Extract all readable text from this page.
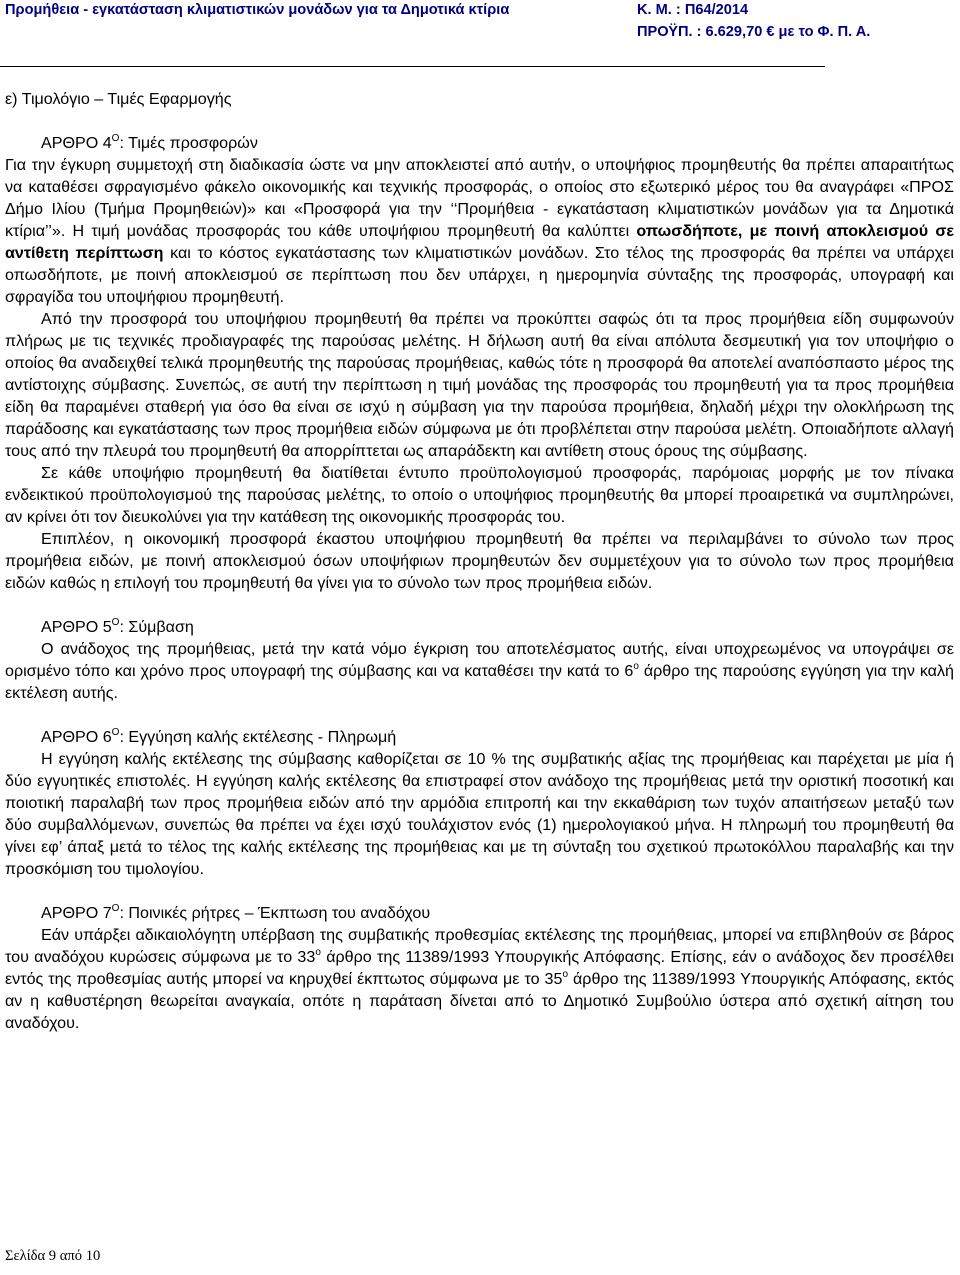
Προμήθεια - εγκατάσταση κλιματιστικών μονάδων για τα Δημοτικά κτίρια	Κ. Μ. : Π64/2014
ΠΡΟΫΠ. : 6.629,70 € με το Φ. Π. Α.

ε) Τιμολόγιο – Τιμές Εφαρμογής

ΑΡΘΡΟ $4^O$: Τιμές προσφορών

Για την έγκυρη συμμετοχή στη διαδικασία ώστε να μην αποκλειστεί από αυτήν, ο υποψήφιος προμηθευτής θα πρέπει απαραιτήτως να καταθέσει σφραγισμένο φάκελο οικονομικής και τεχνικής προσφοράς, ο οποίος στο εξωτερικό μέρος του θα αναγράφει «ΠΡΟΣ Δήμο Ιλίου (Τμήμα Προμηθειών)» και «Προσφορά για την ‘‘Προμήθεια - εγκατάσταση κλιματιστικών μονάδων για τα Δημοτικά κτίρια’’». Η τιμή μονάδας προσφοράς του κάθε υποψήφιου προμηθευτή θα καλύπτει οπωσδήποτε, με ποινή αποκλεισμού σε αντίθετη περίπτωση και το κόστος εγκατάστασης των κλιματιστικών μονάδων. Στο τέλος της προσφοράς θα πρέπει να υπάρχει οπωσδήποτε, με ποινή αποκλεισμού σε περίπτωση που δεν υπάρχει, η ημερομηνία σύνταξης της προσφοράς, υπογραφή και σφραγίδα του υποψήφιου προμηθευτή.

Από την προσφορά του υποψήφιου προμηθευτή θα πρέπει να προκύπτει σαφώς ότι τα προς προμήθεια είδη συμφωνούν πλήρως με τις τεχνικές προδιαγραφές της παρούσας μελέτης. Η δήλωση αυτή θα είναι απόλυτα δεσμευτική για τον υποψήφιο ο οποίος θα αναδειχθεί τελικά προμηθευτής της παρούσας προμήθειας, καθώς τότε η προσφορά θα αποτελεί αναπόσπαστο μέρος της αντίστοιχης σύμβασης. Συνεπώς, σε αυτή την περίπτωση η τιμή μονάδας της προσφοράς του προμηθευτή για τα προς προμήθεια είδη θα παραμένει σταθερή για όσο θα είναι σε ισχύ η σύμβαση για την παρούσα προμήθεια, δηλαδή μέχρι την ολοκλήρωση της παράδοσης και εγκατάστασης των προς προμήθεια ειδών σύμφωνα με ότι προβλέπεται στην παρούσα μελέτη. Οποιαδήποτε αλλαγή τους από την πλευρά του προμηθευτή θα απορρίπτεται ως απαράδεκτη και αντίθετη στους όρους της σύμβασης.

Σε κάθε υποψήφιο προμηθευτή θα διατίθεται έντυπο προϋπολογισμού προσφοράς, παρόμοιας μορφής με τον πίνακα ενδεικτικού προϋπολογισμού της παρούσας μελέτης, το οποίο ο υποψήφιος προμηθευτής θα μπορεί προαιρετικά να συμπληρώνει, αν κρίνει ότι τον διευκολύνει για την κατάθεση της οικονομικής προσφοράς του.

Επιπλέον, η οικονομική προσφορά έκαστου υποψήφιου προμηθευτή θα πρέπει να περιλαμβάνει το σύνολο των προς προμήθεια ειδών, με ποινή αποκλεισμού όσων υποψήφιων προμηθευτών δεν συμμετέχουν για το σύνολο των προς προμήθεια ειδών καθώς η επιλογή του προμηθευτή θα γίνει για το σύνολο των προς προμήθεια ειδών.

ΑΡΘΡΟ $5^O$: Σύμβαση

Ο ανάδοχος της προμήθειας, μετά την κατά νόμο έγκριση του αποτελέσματος αυτής, είναι υποχρεωμένος να υπογράψει σε ορισμένο τόπο και χρόνο προς υπογραφή της σύμβασης και να καταθέσει την κατά το $6^o$ άρθρο της παρούσης εγγύηση για την καλή εκτέλεση αυτής.

ΑΡΘΡΟ $6^O$: Εγγύηση καλής εκτέλεσης - Πληρωμή

Η εγγύηση καλής εκτέλεσης της σύμβασης καθορίζεται σε 10 % της συμβατικής αξίας της προμήθειας και παρέχεται με μία ή δύο εγγυητικές επιστολές. Η εγγύηση καλής εκτέλεσης θα επιστραφεί στον ανάδοχο της προμήθειας μετά την οριστική ποσοτική και ποιοτική παραλαβή των προς προμήθεια ειδών από την αρμόδια επιτροπή και την εκκαθάριση των τυχόν απαιτήσεων μεταξύ των δύο συμβαλλόμενων, συνεπώς θα πρέπει να έχει ισχύ τουλάχιστον ενός (1) ημερολογιακού μήνα. Η πληρωμή του προμηθευτή θα γίνει εφ’ άπαξ μετά το τέλος της καλής εκτέλεσης της προμήθειας και με τη σύνταξη του σχετικού πρωτοκόλλου παραλαβής και την προσκόμιση του τιμολογίου.

ΑΡΘΡΟ $7^O$: Ποινικές ρήτρες – Έκπτωση του αναδόχου

Εάν υπάρξει αδικαιολόγητη υπέρβαση της συμβατικής προθεσμίας εκτέλεσης της προμήθειας, μπορεί να επιβληθούν σε βάρος του αναδόχου κυρώσεις σύμφωνα με το $33^o$ άρθρο της 11389/1993 Υπουργικής Απόφασης. Επίσης, εάν ο ανάδοχος δεν προσέλθει εντός της προθεσμίας αυτής μπορεί να κηρυχθεί έκπτωτος σύμφωνα με το $35^o$ άρθρο της 11389/1993 Υπουργικής Απόφασης, εκτός αν η καθυστέρηση θεωρείται αναγκαία, οπότε η παράταση δίνεται από το Δημοτικό Συμβούλιο ύστερα από σχετική αίτηση του αναδόχου.

Σελίδα 9 από 10
